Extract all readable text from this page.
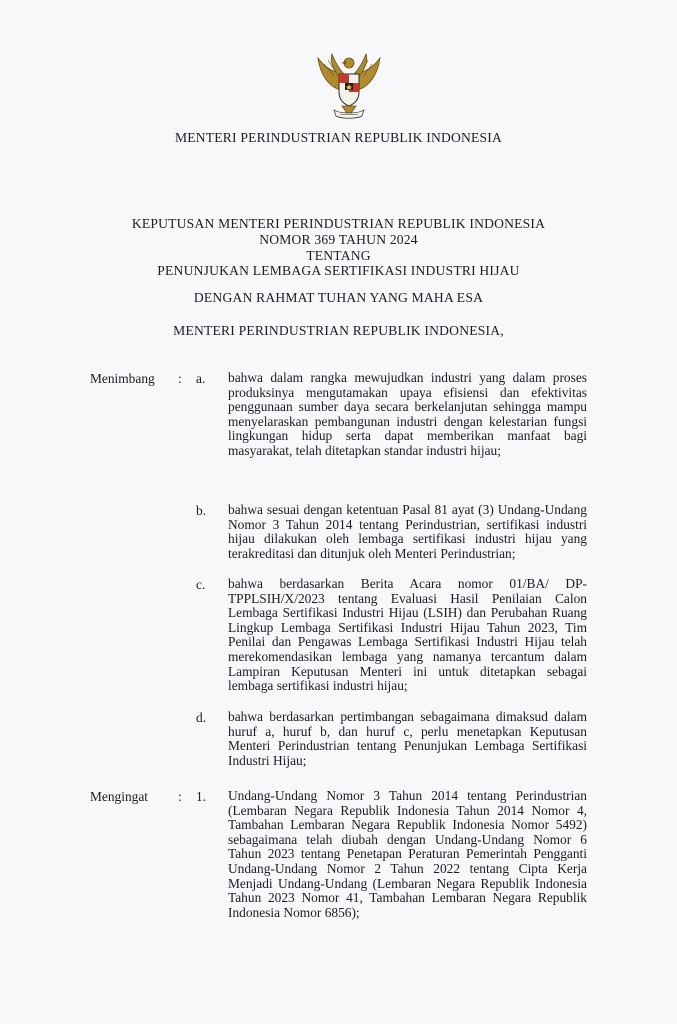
MENTERI PERINDUSTRIAN REPUBLIK INDONESIA
KEPUTUSAN MENTERI PERINDUSTRIAN REPUBLIK INDONESIA
NOMOR 369 TAHUN 2024
TENTANG
PENUNJUKAN LEMBAGA SERTIFIKASI INDUSTRI HIJAU
DENGAN RAHMAT TUHAN YANG MAHA ESA
MENTERI PERINDUSTRIAN REPUBLIK INDONESIA,
Menimbang : a. bahwa dalam rangka mewujudkan industri yang dalam proses produksinya mengutamakan upaya efisiensi dan efektivitas penggunaan sumber daya secara berkelanjutan sehingga mampu menyelaraskan pembangunan industri dengan kelestarian fungsi lingkungan hidup serta dapat memberikan manfaat bagi masyarakat, telah ditetapkan standar industri hijau;
b. bahwa sesuai dengan ketentuan Pasal 81 ayat (3) Undang-Undang Nomor 3 Tahun 2014 tentang Perindustrian, sertifikasi industri hijau dilakukan oleh lembaga sertifikasi industri hijau yang terakreditasi dan ditunjuk oleh Menteri Perindustrian;
c. bahwa berdasarkan Berita Acara nomor 01/BA/ DP-TPPLSIH/X/2023 tentang Evaluasi Hasil Penilaian Calon Lembaga Sertifikasi Industri Hijau (LSIH) dan Perubahan Ruang Lingkup Lembaga Sertifikasi Industri Hijau Tahun 2023, Tim Penilai dan Pengawas Lembaga Sertifikasi Industri Hijau telah merekomendasikan lembaga yang namanya tercantum dalam Lampiran Keputusan Menteri ini untuk ditetapkan sebagai lembaga sertifikasi industri hijau;
d. bahwa berdasarkan pertimbangan sebagaimana dimaksud dalam huruf a, huruf b, dan huruf c, perlu menetapkan Keputusan Menteri Perindustrian tentang Penunjukan Lembaga Sertifikasi Industri Hijau;
Mengingat : 1. Undang-Undang Nomor 3 Tahun 2014 tentang Perindustrian (Lembaran Negara Republik Indonesia Tahun 2014 Nomor 4, Tambahan Lembaran Negara Republik Indonesia Nomor 5492) sebagaimana telah diubah dengan Undang-Undang Nomor 6 Tahun 2023 tentang Penetapan Peraturan Pemerintah Pengganti Undang-Undang Nomor 2 Tahun 2022 tentang Cipta Kerja Menjadi Undang-Undang (Lembaran Negara Republik Indonesia Tahun 2023 Nomor 41, Tambahan Lembaran Negara Republik Indonesia Nomor 6856);
